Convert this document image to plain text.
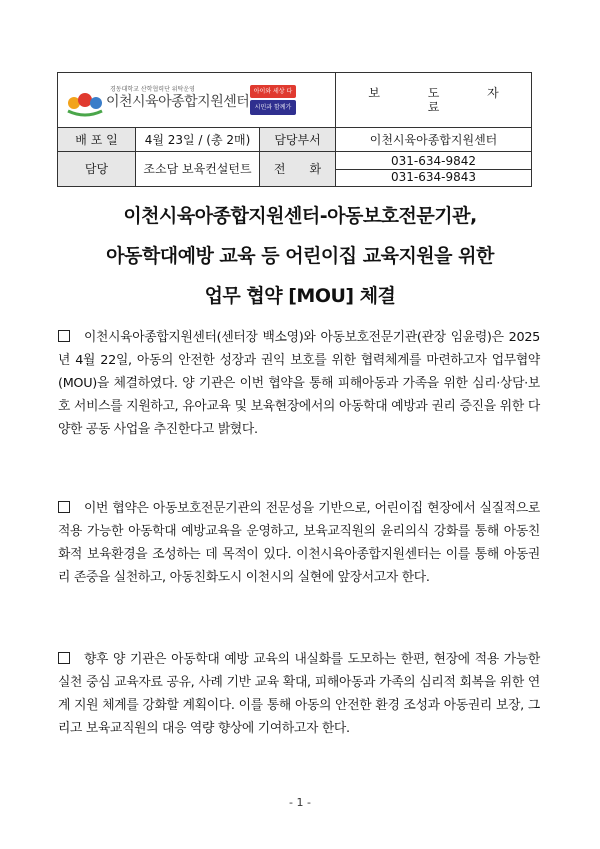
경동대학교 산학협력단 위탁운영
이천시육아종합지원센터
아이와 세상 다
시민과 함께가			보 도 자 료
배 포 일	4월 23일 / (총 2매)	담당부서	이천시육아종합지원센터
담당	조소담 보육컨설턴트	전　　화	031-634-9842
031-634-9843
이천시육아종합지원센터-아동보호전문기관,
아동학대예방 교육 등 어린이집 교육지원을 위한
업무 협약 [MOU] 체결
이천시육아종합지원센터(센터장 백소영)와 아동보호전문기관(관장 임윤령)은 2025년 4월 22일, 아동의 안전한 성장과 권익 보호를 위한 협력체계를 마련하고자 업무협약(MOU)을 체결하였다. 양 기관은 이번 협약을 통해 피해아동과 가족을 위한 심리·상담·보호 서비스를 지원하고, 유아교육 및 보육현장에서의 아동학대 예방과 권리 증진을 위한 다양한 공동 사업을 추진한다고 밝혔다.
이번 협약은 아동보호전문기관의 전문성을 기반으로, 어린이집 현장에서 실질적으로 적용 가능한 아동학대 예방교육을 운영하고, 보육교직원의 윤리의식 강화를 통해 아동친화적 보육환경을 조성하는 데 목적이 있다. 이천시육아종합지원센터는 이를 통해 아동권리 존중을 실천하고, 아동친화도시 이천시의 실현에 앞장서고자 한다.
향후 양 기관은 아동학대 예방 교육의 내실화를 도모하는 한편, 현장에 적용 가능한 실천 중심 교육자료 공유, 사례 기반 교육 확대, 피해아동과 가족의 심리적 회복을 위한 연계 지원 체계를 강화할 계획이다. 이를 통해 아동의 안전한 환경 조성과 아동권리 보장, 그리고 보육교직원의 대응 역량 향상에 기여하고자 한다.
- 1 -
